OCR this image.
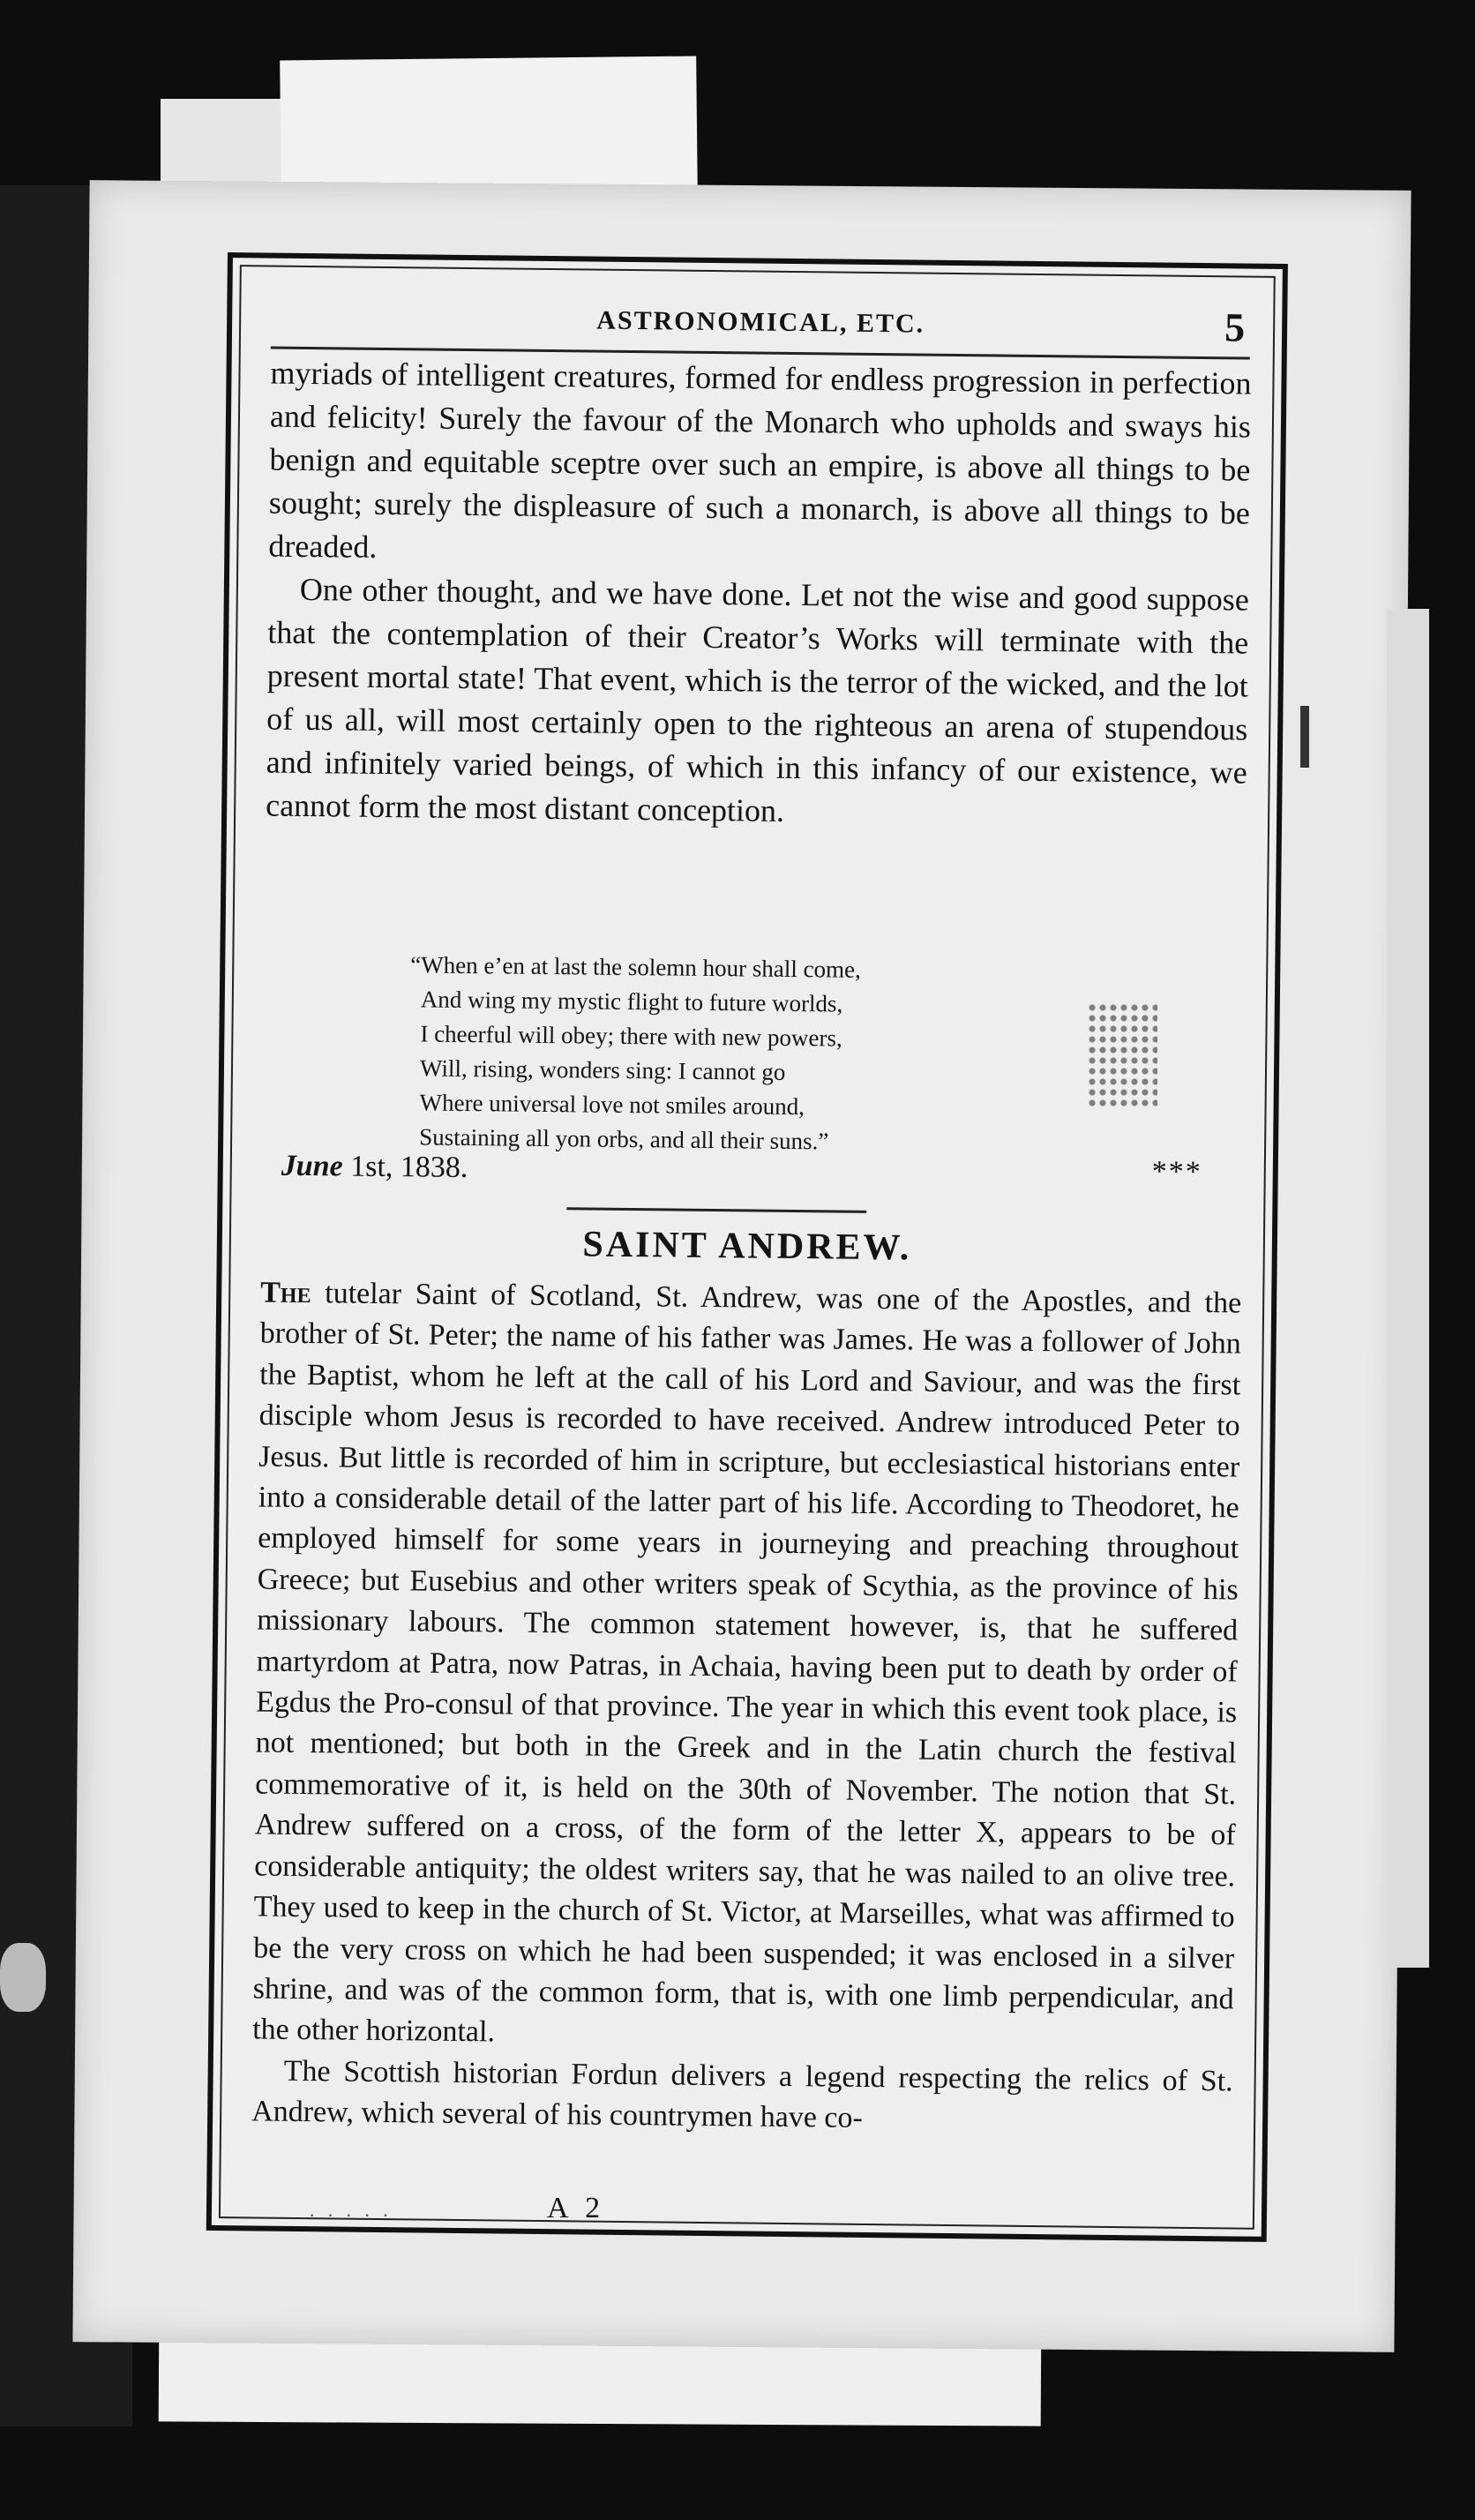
ASTRONOMICAL, ETC.	5

myriads of intelligent creatures, formed for endless progression in perfection and felicity! Surely the favour of the Monarch who upholds and sways his benign and equitable sceptre over such an empire, is above all things to be sought; surely the displeasure of such a monarch, is above all things to be dreaded.

One other thought, and we have done. Let not the wise and good suppose that the contemplation of their Creator’s Works will terminate with the present mortal state! That event, which is the terror of the wicked, and the lot of us all, will most certainly open to the righteous an arena of stupendous and infinitely varied beings, of which in this infancy of our existence, we cannot form the most distant conception.

“When e’en at last the solemn hour shall come,
And wing my mystic flight to future worlds,
I cheerful will obey; there with new powers,
Will, rising, wonders sing: I cannot go
Where universal love not smiles around,
Sustaining all yon orbs, and all their suns.”
June 1st, 1838.	***
SAINT ANDREW.

The tutelar Saint of Scotland, St. Andrew, was one of the Apostles, and the brother of St. Peter; the name of his father was James. He was a follower of John the Baptist, whom he left at the call of his Lord and Saviour, and was the first disciple whom Jesus is recorded to have received. Andrew introduced Peter to Jesus. But little is recorded of him in scripture, but ecclesiastical historians enter into a considerable detail of the latter part of his life. According to Theodoret, he employed himself for some years in journeying and preaching throughout Greece; but Eusebius and other writers speak of Scythia, as the province of his missionary labours. The common statement however, is, that he suffered martyrdom at Patra, now Patras, in Achaia, having been put to death by order of Egdus the Pro-consul of that province. The year in which this event took place, is not mentioned; but both in the Greek and in the Latin church the festival commemorative of it, is held on the 30th of November. The notion that St. Andrew suffered on a cross, of the form of the letter X, appears to be of considerable antiquity; the oldest writers say, that he was nailed to an olive tree. They used to keep in the church of St. Victor, at Marseilles, what was affirmed to be the very cross on which he had been suspended; it was enclosed in a silver shrine, and was of the common form, that is, with one limb perpendicular, and the other horizontal.

The Scottish historian Fordun delivers a legend respecting the relics of St. Andrew, which several of his countrymen have co-

· · · · ·	A 2
